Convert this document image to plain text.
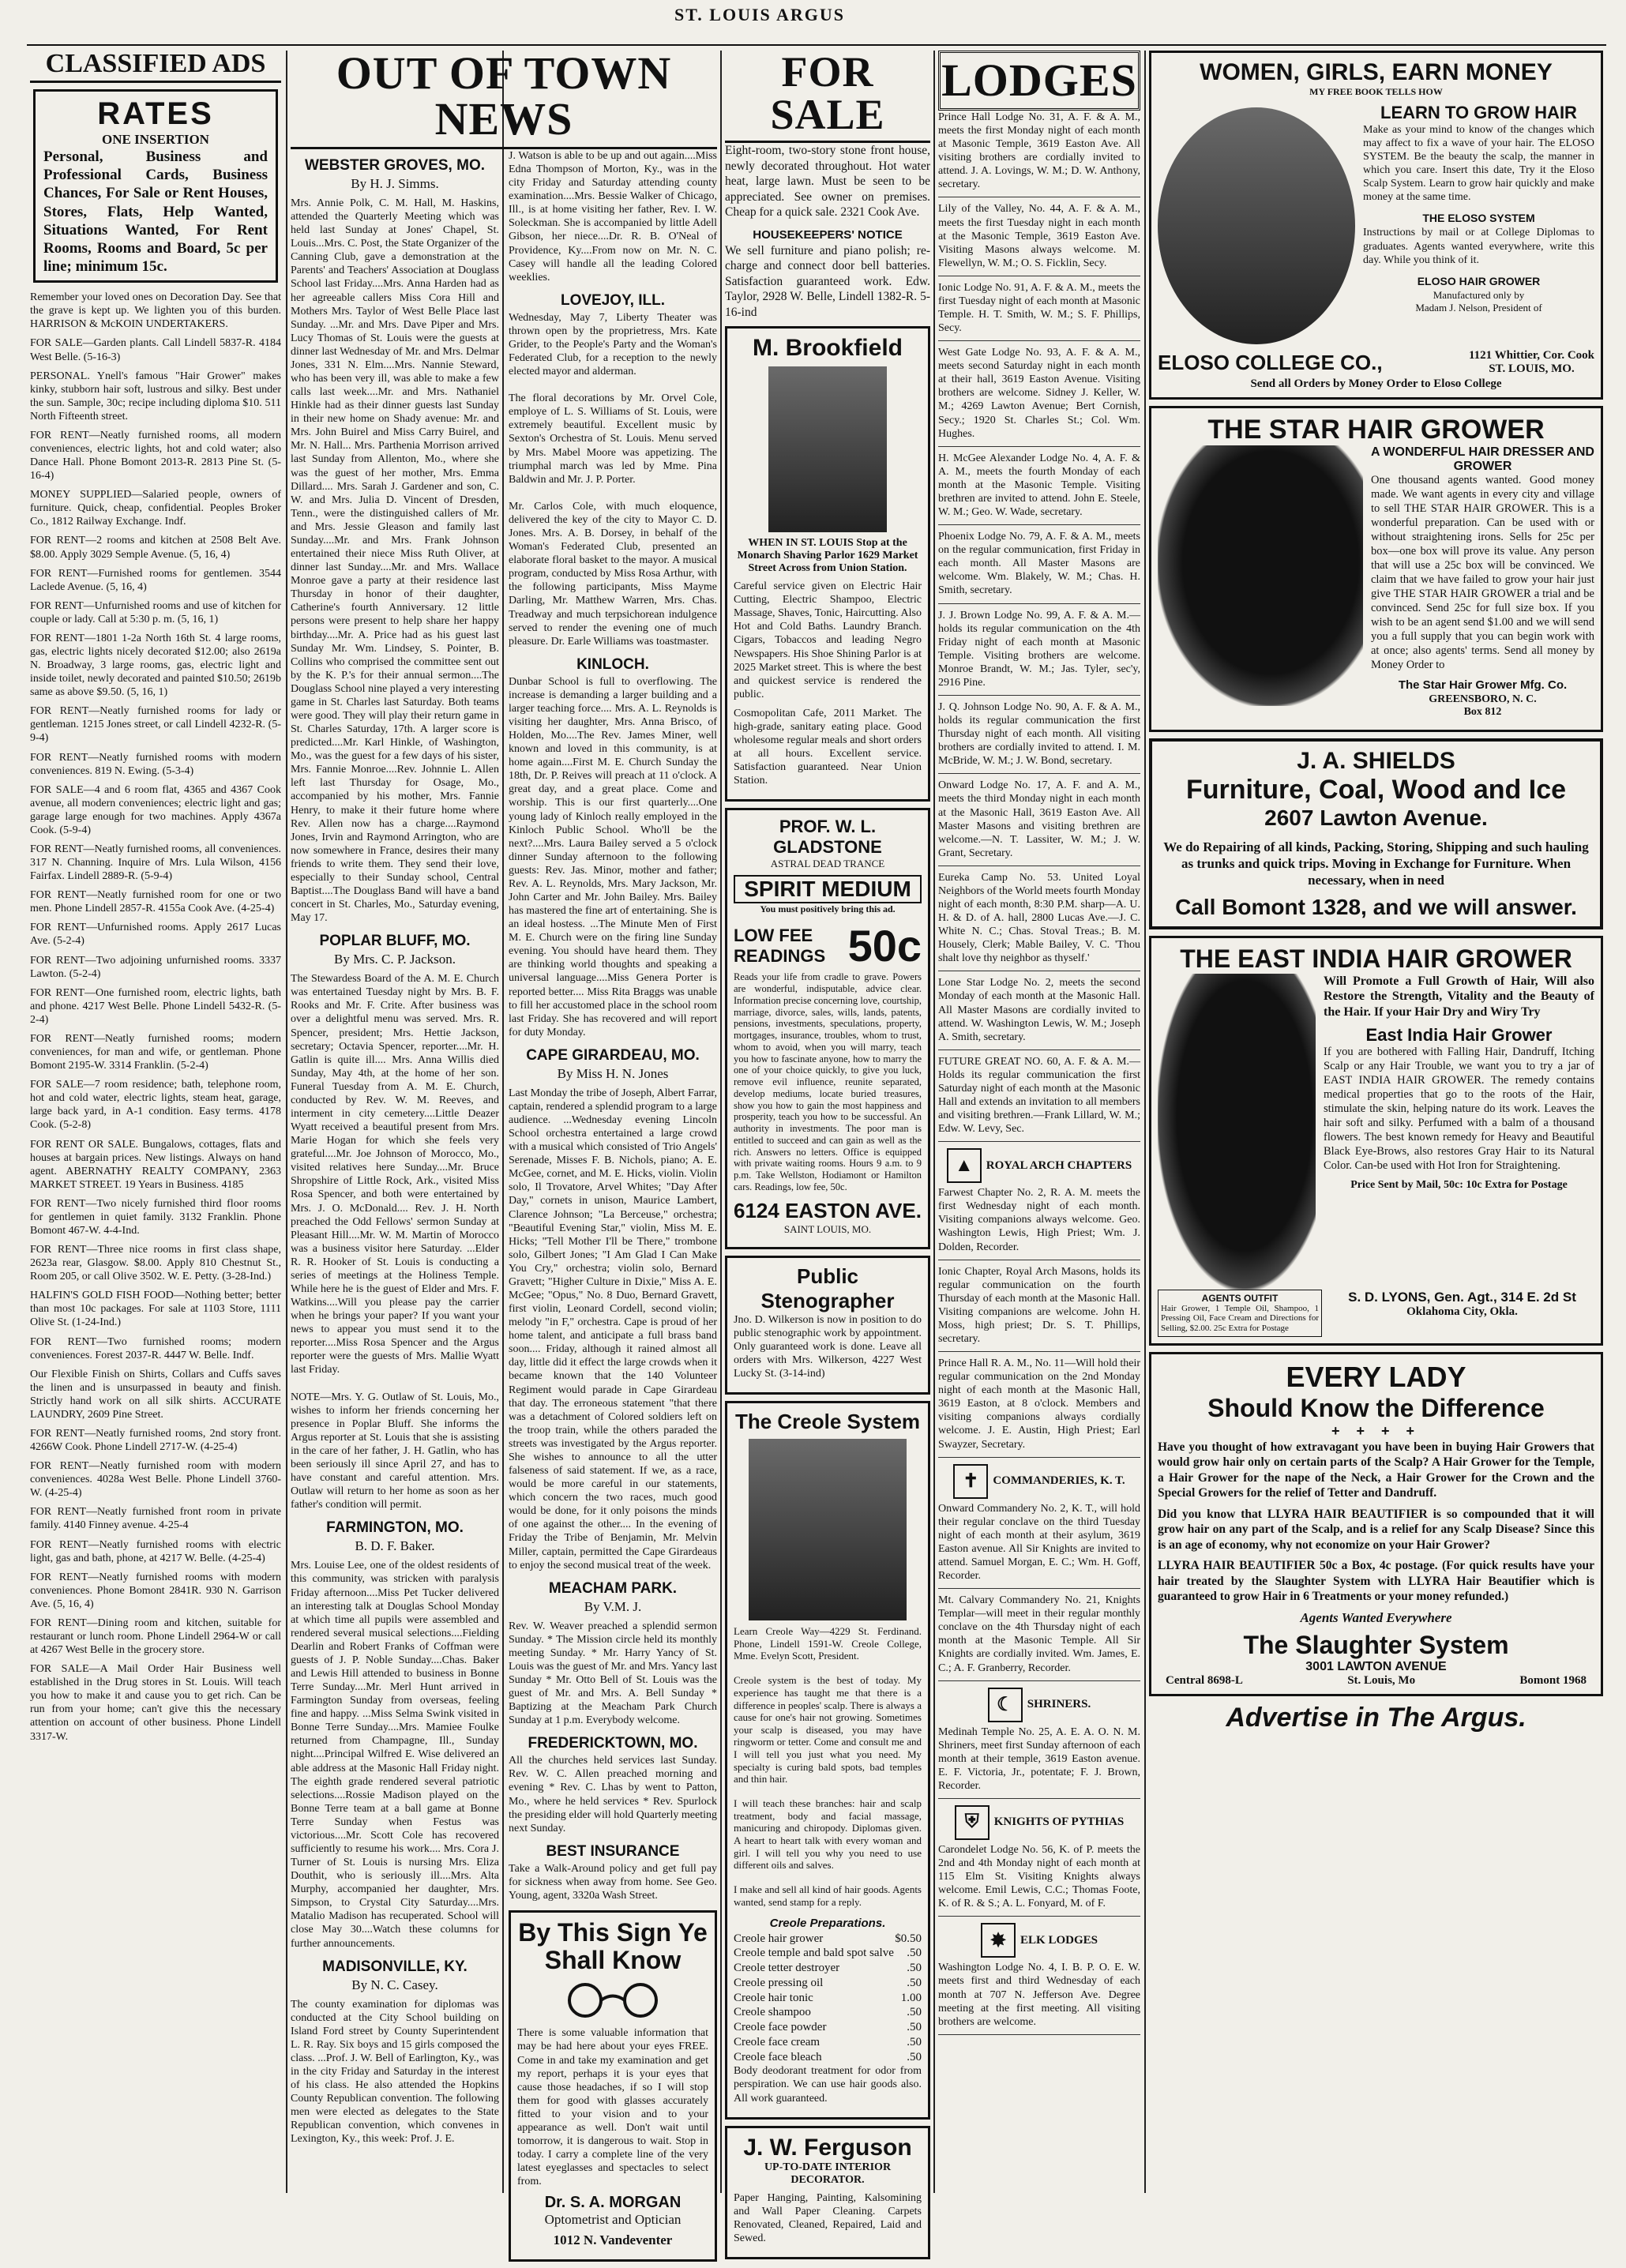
ST. LOUIS ARGUS
CLASSIFIED ADS
RATES
ONE INSERTION
Personal, Business and Professional Cards, Business Chances, For Sale or Rent Houses, Stores, Flats, Help Wanted, Situations Wanted, For Rent Rooms, Rooms and Board, 5c per line; minimum 15c.
Remember your loved ones on Decoration Day. See that the grave is kept up. We lighten you of this burden. HARRISON & McKOIN UNDERTAKERS.
FOR SALE—Garden plants. Call Lindell 5837-R. 4184 West Belle. (5-16-3)
PERSONAL. Ynell's famous "Hair Grower" makes kinky, stubborn hair soft, lustrous and silky. Best under the sun. Sample, 30c; recipe including diploma $10. 511 North Fifteenth street.
FOR RENT—Neatly furnished rooms, all modern conveniences, electric lights, hot and cold water; also Dance Hall. Phone Bomont 2013-R. 2813 Pine St. (5-16-4)
MONEY SUPPLIED—Salaried people, owners of furniture. Quick, cheap, confidential. Peoples Broker Co., 1812 Railway Exchange. Indf.
FOR RENT—2 rooms and kitchen at 2508 Belt Ave. $8.00. Apply 3029 Semple Avenue. (5, 16, 4)
FOR RENT—Furnished rooms for gentlemen. 3544 Laclede Avenue. (5, 16, 4)
FOR RENT—Unfurnished rooms and use of kitchen for couple or lady. Call at 5:30 p. m. (5, 16, 1)
FOR RENT—1801 1-2a North 16th St. 4 large rooms, gas, electric lights nicely decorated $12.00; also 2619a N. Broadway, 3 large rooms, gas, electric light and inside toilet, newly decorated and painted $10.50; 2619b same as above $9.50. (5, 16, 1)
FOR RENT—Neatly furnished rooms for lady or gentleman. 1215 Jones street, or call Lindell 4232-R. (5-9-4)
FOR RENT—Neatly furnished rooms with modern conveniences. 819 N. Ewing. (5-3-4)
FOR SALE—4 and 6 room flat, 4365 and 4367 Cook avenue, all modern conveniences; electric light and gas; garage large enough for two machines. Apply 4367a Cook. (5-9-4)
FOR RENT—Neatly furnished rooms, all conveniences. 317 N. Channing. Inquire of Mrs. Lula Wilson, 4156 Fairfax. Lindell 2889-R. (5-9-4)
FOR RENT—Neatly furnished room for one or two men. Phone Lindell 2857-R. 4155a Cook Ave. (4-25-4)
FOR RENT—Unfurnished rooms. Apply 2617 Lucas Ave. (5-2-4)
FOR RENT—Two adjoining unfurnished rooms. 3337 Lawton. (5-2-4)
FOR RENT—One furnished room, electric lights, bath and phone. 4217 West Belle. Phone Lindell 5432-R. (5-2-4)
FOR RENT—Neatly furnished rooms; modern conveniences, for man and wife, or gentleman. Phone Bomont 2195-W. 3314 Franklin. (5-2-4)
FOR SALE—7 room residence; bath, telephone room, hot and cold water, electric lights, steam heat, garage, large back yard, in A-1 condition. Easy terms. 4178 Cook. (5-2-8)
FOR RENT OR SALE. Bungalows, cottages, flats and houses at bargain prices. New listings. Always on hand agent. ABERNATHY REALTY COMPANY, 2363 MARKET STREET. 19 Years in Business. 4185
FOR RENT—Two nicely furnished third floor rooms for gentlemen in quiet family. 3132 Franklin. Phone Bomont 467-W. 4-4-Ind.
FOR RENT—Three nice rooms in first class shape, 2623a rear, Glasgow. $8.00. Apply 810 Chestnut St., Room 205, or call Olive 3502. W. E. Petty. (3-28-Ind.)
HALFIN'S GOLD FISH FOOD—Nothing better; better than most 10c packages. For sale at 1103 Store, 1111 Olive St. (1-24-Ind.)
FOR RENT—Two furnished rooms; modern conveniences. Forest 2037-R. 4447 W. Belle. Indf.
Our Flexible Finish on Shirts, Collars and Cuffs saves the linen and is unsurpassed in beauty and finish. Strictly hand work on all silk shirts. ACCURATE LAUNDRY, 2609 Pine Street.
FOR RENT—Neatly furnished rooms, 2nd story front. 4266W Cook. Phone Lindell 2717-W. (4-25-4)
FOR RENT—Neatly furnished room with modern conveniences. 4028a West Belle. Phone Lindell 3760-W. (4-25-4)
FOR RENT—Neatly furnished front room in private family. 4140 Finney avenue. 4-25-4
FOR RENT—Neatly furnished rooms with electric light, gas and bath, phone, at 4217 W. Belle. (4-25-4)
FOR RENT—Neatly furnished rooms with modern conveniences. Phone Bomont 2841R. 930 N. Garrison Ave. (5, 16, 4)
FOR RENT—Dining room and kitchen, suitable for restaurant or lunch room. Phone Lindell 2964-W or call at 4267 West Belle in the grocery store.
FOR SALE—A Mail Order Hair Business well established in the Drug stores in St. Louis. Will teach you how to make it and cause you to get rich. Can be run from your home; can't give this the necessary attention on account of other business. Phone Lindell 3317-W.
OUT OF TOWN NEWS
WEBSTER GROVES, MO.
By H. J. Simms.
Mrs. Annie Polk, C. M. Hall, M. Haskins, attended the Quarterly Meeting which was held last Sunday at Jones' Chapel, St. Louis...Mrs. C. Post, the State Organizer of the Canning Club, gave a demonstration at the Parents' and Teachers' Association at Douglass School last Friday....Mrs. Anna Harden had as her agreeable callers Miss Cora Hill and Mothers Mrs. Taylor of West Belle Place last Sunday. ...Mr. and Mrs. Dave Piper and Mrs. Lucy Thomas of St. Louis were the guests at dinner last Wednesday of Mr. and Mrs. Delmar Jones, 331 N. Elm....Mrs. Nannie Steward, who has been very ill, was able to make a few calls last week....Mr. and Mrs. Nathaniel Hinkle had as their dinner guests last Sunday in their new home on Shady avenue: Mr. and Mrs. John Buirel and Miss Carry Buirel, and Mr. N. Hall... Mrs. Parthenia Morrison arrived last Sunday from Allenton, Mo., where she was the guest of her mother, Mrs. Emma Dillard.... Mrs. Sarah J. Gardener and son, C. W. and Mrs. Julia D. Vincent of Dresden, Tenn., were the distinguished callers of Mr. and Mrs. Jessie Gleason and family last Sunday....Mr. and Mrs. Frank Johnson entertained their niece Miss Ruth Oliver, at dinner last Sunday....Mr. and Mrs. Wallace Monroe gave a party at their residence last Thursday in honor of their daughter, Catherine's fourth Anniversary. 12 little persons were present to help share her happy birthday....Mr. A. Price had as his guest last Sunday Mr. Wm. Lindsey, S. Pointer, B. Collins who comprised the committee sent out by the K. P.'s for their annual sermon....The Douglass School nine played a very interesting game in St. Charles last Saturday. Both teams were good. They will play their return game in St. Charles Saturday, 17th. A larger score is predicted....Mr. Karl Hinkle, of Washington, Mo., was the guest for a few days of his sister, Mrs. Fannie Monroe....Rev. Johnnie L. Allen left last Thursday for Osage, Mo., accompanied by his mother, Mrs. Fannie Henry, to make it their future home where Rev. Allen now has a charge....Raymond Jones, Irvin and Raymond Arrington, who are now somewhere in France, desires their many friends to write them. They send their love, especially to their Sunday school, Central Baptist....The Douglass Band will have a band concert in St. Charles, Mo., Saturday evening, May 17.
POPLAR BLUFF, MO.
By Mrs. C. P. Jackson.
The Stewardess Board of the A. M. E. Church was entertained Tuesday night by Mrs. B. F. Rooks and Mr. F. Crite. After business was over a delightful menu was served. Mrs. R. Spencer, president; Mrs. Hettie Jackson, secretary; Octavia Spencer, reporter....Mr. H. Gatlin is quite ill.... Mrs. Anna Willis died Sunday, May 4th, at the home of her son. Funeral Tuesday from A. M. E. Church, conducted by Rev. W. M. Reeves, and interment in city cemetery....Little Deazer Wyatt received a beautiful present from Mrs. Marie Hogan for which she feels very grateful....Mr. Joe Johnson of Morocco, Mo., visited relatives here Sunday....Mr. Bruce Shropshire of Little Rock, Ark., visited Miss Rosa Spencer, and both were entertained by Mrs. J. O. McDonald.... Rev. J. H. North preached the Odd Fellows' sermon Sunday at Pleasant Hill....Mr. W. M. Martin of Morocco was a business visitor here Saturday. ...Elder R. R. Hooker of St. Louis is conducting a series of meetings at the Holiness Temple. While here he is the guest of Elder and Mrs. F. Watkins....Will you please pay the carrier when he brings your paper? If you want your news to appear you must send it to the reporter....Miss Rosa Spencer and the Argus reporter were the guests of Mrs. Mallie Wyatt last Friday.

NOTE—Mrs. Y. G. Outlaw of St. Louis, Mo., wishes to inform her friends concerning her presence in Poplar Bluff. She informs the Argus reporter at St. Louis that she is assisting in the care of her father, J. H. Gatlin, who has been seriously ill since April 27, and has to have constant and careful attention. Mrs. Outlaw will return to her home as soon as her father's condition will permit.
FARMINGTON, MO.
B. D. F. Baker.
Mrs. Louise Lee, one of the oldest residents of this community, was stricken with paralysis Friday afternoon....Miss Pet Tucker delivered an interesting talk at Douglas School Monday at which time all pupils were assembled and rendered several musical selections....Fielding Dearlin and Robert Franks of Coffman were guests of J. P. Noble Sunday....Chas. Baker and Lewis Hill attended to business in Bonne Terre Sunday....Mr. Merl Hunt arrived in Farmington Sunday from overseas, feeling fine and happy. ...Miss Selma Swink visited in Bonne Terre Sunday....Mrs. Mamiee Foulke returned from Champagne, Ill., Sunday night....Principal Wilfred E. Wise delivered an able address at the Masonic Hall Friday night. The eighth grade rendered several patriotic selections....Rossie Madison played on the Bonne Terre team at a ball game at Bonne Terre Sunday when Festus was victorious....Mr. Scott Cole has recovered sufficiently to resume his work.... Mrs. Cora J. Turner of St. Louis is nursing Mrs. Eliza Douthit, who is seriously ill....Mrs. Alta Murphy, accompanied her daughter, Mrs. Simpson, to Crystal City Saturday....Mrs. Matalio Madison has recuperated. School will close May 30....Watch these columns for further announcements.
MADISONVILLE, KY.
By N. C. Casey.
The county examination for diplomas was conducted at the City School building on Island Ford street by County Superintendent L. R. Ray. Six boys and 15 girls composed the class. ...Prof. J. W. Bell of Earlington, Ky., was in the city Friday and Saturday in the interest of his class. He also attended the Hopkins County Republican convention. The following men were elected as delegates to the State Republican convention, which convenes in Lexington, Ky., this week: Prof. J. E.
J. Watson is able to be up and out again....Miss Edna Thompson of Morton, Ky., was in the city Friday and Saturday attending county examination....Mrs. Bessie Walker of Chicago, Ill., is at home visiting her father, Rev. I. W. Soleckman. She is accompanied by little Adell Gibson, her niece....Dr. R. B. O'Neal of Providence, Ky....From now on Mr. N. C. Casey will handle all the leading Colored weeklies.
LOVEJOY, ILL.
Wednesday, May 7, Liberty Theater was thrown open by the proprietress, Mrs. Kate Grider, to the People's Party and the Woman's Federated Club, for a reception to the newly elected mayor and alderman.

The floral decorations by Mr. Orvel Cole, employe of L. S. Williams of St. Louis, were extremely beautiful. Excellent music by Sexton's Orchestra of St. Louis. Menu served by Mrs. Mabel Moore was appetizing. The triumphal march was led by Mme. Pina Baldwin and Mr. J. P. Porter.

Mr. Carlos Cole, with much eloquence, delivered the key of the city to Mayor C. D. Jones. Mrs. A. B. Dorsey, in behalf of the Woman's Federated Club, presented an elaborate floral basket to the mayor. A musical program, conducted by Miss Rosa Arthur, with the following participants, Miss Mayme Darling, Mr. Matthew Warren, Mrs. Chas. Treadway and much terpsichorean indulgence served to render the evening one of much pleasure. Dr. Earle Williams was toastmaster.
KINLOCH.
Dunbar School is full to overflowing. The increase is demanding a larger building and a larger teaching force.... Mrs. A. L. Reynolds is visiting her daughter, Mrs. Anna Brisco, of Holden, Mo....The Rev. James Miner, well known and loved in this community, is at home again....First M. E. Church Sunday the 18th, Dr. P. Reives will preach at 11 o'clock. A great day, and a great place. Come and worship. This is our first quarterly....One young lady of Kinloch really employed in the Kinloch Public School. Who'll be the next?....Mrs. Laura Bailey served a 5 o'clock dinner Sunday afternoon to the following guests: Rev. Jas. Minor, mother and father; Rev. A. L. Reynolds, Mrs. Mary Jackson, Mr. John Carter and Mr. John Bailey. Mrs. Bailey has mastered the fine art of entertaining. She is an ideal hostess. ...The Minute Men of First M. E. Church were on the firing line Sunday evening. You should have heard them. They are thinking world thoughts and speaking a universal language....Miss Genera Porter is reported better.... Miss Rita Braggs was unable to fill her accustomed place in the school room last Friday. She has recovered and will report for duty Monday.
CAPE GIRARDEAU, MO.
By Miss H. N. Jones
Last Monday the tribe of Joseph, Albert Farrar, captain, rendered a splendid program to a large audience. ...Wednesday evening Lincoln School orchestra entertained a large crowd with a musical which consisted of Trio Angels' Serenade, Misses F. B. Nichols, piano; A. E. McGee, cornet, and M. E. Hicks, violin. Violin solo, Il Trovatore, Arvel Whites; "Day After Day," cornets in unison, Maurice Lambert, Clarence Johnson; "La Berceuse," orchestra; "Beautiful Evening Star," violin, Miss M. E. Hicks; "Tell Mother I'll be There," trombone solo, Gilbert Jones; "I Am Glad I Can Make You Cry," orchestra; violin solo, Bernard Gravett; "Higher Culture in Dixie," Miss A. E. McGee; "Opus," No. 8 Duo, Bernard Gravett, first violin, Leonard Cordell, second violin; melody "in F," orchestra. Cape is proud of her home talent, and anticipate a full brass band soon.... Friday, although it rained almost all day, little did it effect the large crowds when it became known that the 140 Volunteer Regiment would parade in Cape Girardeau that day. The erroneous statement "that there was a detachment of Colored soldiers left on the troop train, while the others paraded the streets was investigated by the Argus reporter. She wishes to announce to all the utter falseness of said statement. If we, as a race, would be more careful in our statements, which concern the two races, much good would be done, for it only poisons the minds of one against the other.... In the evening of Friday the Tribe of Benjamin, Mr. Melvin Miller, captain, permitted the Cape Girardeaus to enjoy the second musical treat of the week.
MEACHAM PARK.
By V.M. J.
Rev. W. Weaver preached a splendid sermon Sunday. * The Mission circle held its monthly meeting Sunday. * Mr. Harry Yancy of St. Louis was the guest of Mr. and Mrs. Yancy last Sunday * Mr. Otto Bell of St. Louis was the guest of Mr. and Mrs. A. Bell Sunday * Baptizing at the Meacham Park Church Sunday at 1 p.m. Everybody welcome.
FREDERICKTOWN, MO.
All the churches held services last Sunday. Rev. W. C. Allen preached morning and evening * Rev. C. Lhas by went to Patton, Mo., where he held services * Rev. Spurlock the presiding elder will hold Quarterly meeting next Sunday.
BEST INSURANCE
Take a Walk-Around policy and get full pay for sickness when away from home. See Geo. Young, agent, 3320a Wash Street.
By This Sign Ye Shall Know
There is some valuable information that may be had here about your eyes FREE. Come in and take my examination and get my report, perhaps it is your eyes that cause those headaches, if so I will stop them for good with glasses accurately fitted to your vision and to your appearance as well. Don't wait until tomorrow, it is dangerous to wait. Stop in today. I carry a complete line of the very latest eyeglasses and spectacles to select from.
Dr. S. A. MORGAN
Optometrist and Optician
1012 N. Vandeventer
FOR SALE
Eight-room, two-story stone front house, newly decorated throughout. Hot water heat, large lawn. Must be seen to be appreciated. See owner on premises. Cheap for a quick sale. 2321 Cook Ave.
HOUSEKEEPERS' NOTICE
We sell furniture and piano polish; re-charge and connect door bell batteries. Satisfaction guaranteed work. Edw. Taylor, 2928 W. Belle, Lindell 1382-R. 5-16-ind
M. Brookfield
WHEN IN ST. LOUIS Stop at the Monarch Shaving Parlor 1629 Market Street Across from Union Station.
Careful service given on Electric Hair Cutting, Electric Shampoo, Electric Massage, Shaves, Tonic, Haircutting. Also Hot and Cold Baths. Laundry Branch. Cigars, Tobaccos and leading Negro Newspapers. His Shoe Shining Parlor is at 2025 Market street. This is where the best and quickest service is rendered the public.
Cosmopolitan Cafe, 2011 Market. The high-grade, sanitary eating place. Good wholesome regular meals and short orders at all hours. Excellent service. Satisfaction guaranteed. Near Union Station.
PROF. W. L. GLADSTONE
ASTRAL DEAD TRANCE
SPIRIT MEDIUM
You must positively bring this ad.
LOW FEE READINGS 50c
Reads your life from cradle to grave. Powers are wonderful, indisputable, advice clear. Information precise concerning love, courtship, marriage, divorce, sales, wills, lands, patents, pensions, investments, speculations, property, mortgages, insurance, troubles, whom to trust, whom to avoid, when you will marry, teach you how to fascinate anyone, how to marry the one of your choice quickly, to give you luck, remove evil influence, reunite separated, develop mediums, locate buried treasures, show you how to gain the most happiness and prosperity, teach you how to be successful. An authority in investments. The poor man is entitled to succeed and can gain as well as the rich. Answers no letters. Office is equipped with private waiting rooms. Hours 9 a.m. to 9 p.m. Take Wellston, Hodiamont or Hamilton cars. Readings, low fee, 50c.
6124 EASTON AVE.
SAINT LOUIS, MO.
Public Stenographer
Jno. D. Wilkerson is now in position to do public stenographic work by appointment. Only guaranteed work is done. Leave all orders with Mrs. Wilkerson, 4227 West Lucky St. (3-14-ind)
The Creole System
Learn Creole Way—4229 St. Ferdinand. Phone, Lindell 1591-W. Creole College, Mme. Evelyn Scott, President.

Creole system is the best of today. My experience has taught me that there is a difference in peoples' scalp. There is always a cause for one's hair not growing. Sometimes your scalp is diseased, you may have ringworm or tetter. Come and consult me and I will tell you just what you need. My specialty is curing bald spots, bad temples and thin hair.

I will teach these branches: hair and scalp treatment, body and facial massage, manicuring and chiropody. Diplomas given. A heart to heart talk with every woman and girl. I will tell you why you need to use different oils and salves.

I make and sell all kind of hair goods. Agents wanted, send stamp for a reply.
Creole Preparations.
Creole hair grower	$0.50
Creole temple and bald spot salve .50
Creole tetter destroyer	.50
Creole pressing oil	.50
Creole hair tonic	1.00
Creole shampoo	.50
Creole face powder	.50
Creole face cream	.50
Creole face bleach	.50
Body deodorant treatment for odor from perspiration. We can use hair goods also. All work guaranteed.
J. W. Ferguson
UP-TO-DATE INTERIOR DECORATOR.
Paper Hanging, Painting, Kalsomining and Wall Paper Cleaning. Carpets Renovated, Cleaned, Repaired, Laid and Sewed.
LODGES
Prince Hall Lodge No. 31, A. F. & A. M., meets the first Monday night of each month at Masonic Temple, 3619 Easton Ave. All visiting brothers are cordially invited to attend. J. A. Lovings, W. M.; D. W. Anthony, secretary.
Lily of the Valley, No. 44, A. F. & A. M., meets the first Tuesday night in each month at the Masonic Temple, 3619 Easton Ave. Visiting Masons always welcome. M. Flewellyn, W. M.; O. S. Ficklin, Secy.
Ionic Lodge No. 91, A. F. & A. M., meets the first Tuesday night of each month at Masonic Temple. H. T. Smith, W. M.; S. F. Phillips, Secy.
West Gate Lodge No. 93, A. F. & A. M., meets second Saturday night in each month at their hall, 3619 Easton Avenue. Visiting brothers are welcome. Sidney J. Keller, W. M.; 4269 Lawton Avenue; Bert Cornish, Secy.; 1920 St. Charles St.; Col. Wm. Hughes.
H. McGee Alexander Lodge No. 4, A. F. & A. M., meets the fourth Monday of each month at the Masonic Temple. Visiting brethren are invited to attend. John E. Steele, W. M.; Geo. W. Wade, secretary.
Phoenix Lodge No. 79, A. F. & A. M., meets on the regular communication, first Friday in each month. All Master Masons are welcome. Wm. Blakely, W. M.; Chas. H. Smith, secretary.
J. J. Brown Lodge No. 99, A. F. & A. M.—holds its regular communication on the 4th Friday night of each month at Masonic Temple. Visiting brothers are welcome. Monroe Brandt, W. M.; Jas. Tyler, sec'y, 2916 Pine.
J. Q. Johnson Lodge No. 90, A. F. & A. M., holds its regular communication the first Thursday night of each month. All visiting brothers are cordially invited to attend. I. M. McBride, W. M.; J. W. Bond, secretary.
Onward Lodge No. 17, A. F. and A. M., meets the third Monday night in each month at the Masonic Hall, 3619 Easton Ave. All Master Masons and visiting brethren are welcome.—N. T. Lassiter, W. M.; J. W. Grant, Secretary.
Eureka Camp No. 53. United Loyal Neighbors of the World meets fourth Monday night of each month, 8:30 P.M. sharp—A. U. H. & D. of A. hall, 2800 Lucas Ave.—J. C. White N. C.; Chas. Stoval Treas.; B. M. Housely, Clerk; Mable Bailey, V. C. 'Thou shalt love thy neighbor as thyself.'
Lone Star Lodge No. 2, meets the second Monday of each month at the Masonic Hall. All Master Masons are cordially invited to attend. W. Washington Lewis, W. M.; Joseph A. Smith, secretary.
FUTURE GREAT NO. 60, A. F. & A. M.—Holds its regular communication the first Saturday night of each month at the Masonic Hall and extends an invitation to all members and visiting brethren.—Frank Lillard, W. M.; Edw. W. Levy, Sec.
▲	ROYAL ARCH CHAPTERS
Farwest Chapter No. 2, R. A. M. meets the first Wednesday night of each month. Visiting companions always welcome. Geo. Washington Lewis, High Priest; Wm. J. Dolden, Recorder.
Ionic Chapter, Royal Arch Masons, holds its regular communication on the fourth Thursday of each month at the Masonic Hall. Visiting companions are welcome. John H. Moss, high priest; Dr. S. T. Phillips, secretary.
Prince Hall R. A. M., No. 11—Will hold their regular communication on the 2nd Monday night of each month at the Masonic Hall, 3619 Easton, at 8 o'clock. Members and visiting companions always cordially welcome. J. E. Austin, High Priest; Earl Swayzer, Secretary.
✝	COMMANDERIES, K. T.
Onward Commandery No. 2, K. T., will hold their regular conclave on the third Tuesday night of each month at their asylum, 3619 Easton avenue. All Sir Knights are invited to attend. Samuel Morgan, E. C.; Wm. H. Goff, Recorder.
Mt. Calvary Commandery No. 21, Knights Templar—will meet in their regular monthly conclave on the 4th Thursday night of each month at the Masonic Temple. All Sir Knights are cordially invited. Wm. James, E. C.; A. F. Granberry, Recorder.
☾	SHRINERS.
Medinah Temple No. 25, A. E. A. O. N. M. Shriners, meet first Sunday afternoon of each month at their temple, 3619 Easton avenue. E. F. Victoria, Jr., potentate; F. J. Brown, Recorder.
⛨	KNIGHTS OF PYTHIAS
Carondelet Lodge No. 56, K. of P. meets the 2nd and 4th Monday night of each month at 115 Elm St. Visiting Knights always welcome. Emil Lewis, C.C.; Thomas Foote, K. of R. & S.; A. L. Fonyard, M. of F.
✸	ELK LODGES
Washington Lodge No. 4, I. B. P. O. E. W. meets first and third Wednesday of each month at 707 N. Jefferson Ave. Degree meeting at the first meeting. All visiting brothers are welcome.
WOMEN, GIRLS, EARN MONEY
MY FREE BOOK TELLS HOW
LEARN TO GROW HAIR
Make as your mind to know of the changes which may affect to fix a wave of your hair. The ELOSO SYSTEM. Be the beauty the scalp, the manner in which you care. Insert this date, Try it the Eloso Scalp System. Learn to grow hair quickly and make money at the same time.
THE ELOSO SYSTEM
Instructions by mail or at College Diplomas to graduates. Agents wanted everywhere, write this day. While you think of it.
ELOSO HAIR GROWER
Manufactured only by
Madam J. Nelson, President of
ELOSO COLLEGE CO.,	1121 Whittier, Cor. Cook
ST. LOUIS, MO.
Send all Orders by Money Order to Eloso College
THE STAR HAIR GROWER
A WONDERFUL HAIR DRESSER AND GROWER
One thousand agents wanted. Good money made. We want agents in every city and village to sell THE STAR HAIR GROWER. This is a wonderful preparation. Can be used with or without straightening irons. Sells for 25c per box—one box will prove its value. Any person that will use a 25c box will be convinced. We claim that we have failed to grow your hair just give THE STAR HAIR GROWER a trial and be convinced. Send 25c for full size box. If you wish to be an agent send $1.00 and we will send you a full supply that you can begin work with at once; also agents' terms. Send all money by Money Order to
The Star Hair Grower Mfg. Co.
GREENSBORO, N. C.
Box 812
J. A. SHIELDS
Furniture, Coal, Wood and Ice
2607 Lawton Avenue.
We do Repairing of all kinds, Packing, Storing, Shipping and such hauling as trunks and quick trips. Moving in Exchange for Furniture. When necessary, when in need
Call Bomont 1328, and we will answer.
THE EAST INDIA HAIR GROWER
Will Promote a Full Growth of Hair, Will also Restore the Strength, Vitality and the Beauty of the Hair. If your Hair Dry and Wiry Try
East India Hair Grower
If you are bothered with Falling Hair, Dandruff, Itching Scalp or any Hair Trouble, we want you to try a jar of EAST INDIA HAIR GROWER. The remedy contains medical properties that go to the roots of the Hair, stimulate the skin, helping nature do its work. Leaves the hair soft and silky. Perfumed with a balm of a thousand flowers. The best known remedy for Heavy and Beautiful Black Eye-Brows, also restores Gray Hair to its Natural Color. Can-be used with Hot Iron for Straightening.
Price Sent by Mail, 50c: 10c Extra for Postage
AGENTS OUTFIT
Hair Grower, 1 Temple Oil, Shampoo, 1 Pressing Oil, Face Cream and Directions for Selling, $2.00. 25c Extra for Postage
S. D. LYONS, Gen. Agt., 314 E. 2d St
Oklahoma City, Okla.
EVERY LADY
Should Know the Difference
+ + + +
Have you thought of how extravagant you have been in buying Hair Growers that would grow hair only on certain parts of the Scalp? A Hair Grower for the Temple, a Hair Grower for the nape of the Neck, a Hair Grower for the Crown and the Special Growers for the relief of Tetter and Dandruff.
Did you know that LLYRA HAIR BEAUTIFIER is so compounded that it will grow hair on any part of the Scalp, and is a relief for any Scalp Disease? Since this is an age of economy, why not economize on your Hair Grower?
LLYRA HAIR BEAUTIFIER 50c a Box, 4c postage. (For quick results have your hair treated by the Slaughter System with LLYRA Hair Beautifier which is guaranteed to grow Hair in 6 Treatments or your money refunded.)
Agents Wanted Everywhere
The Slaughter System
3001 LAWTON AVENUE
Central 8698-L	St. Louis, Mo	Bomont 1968
Advertise in The Argus.
